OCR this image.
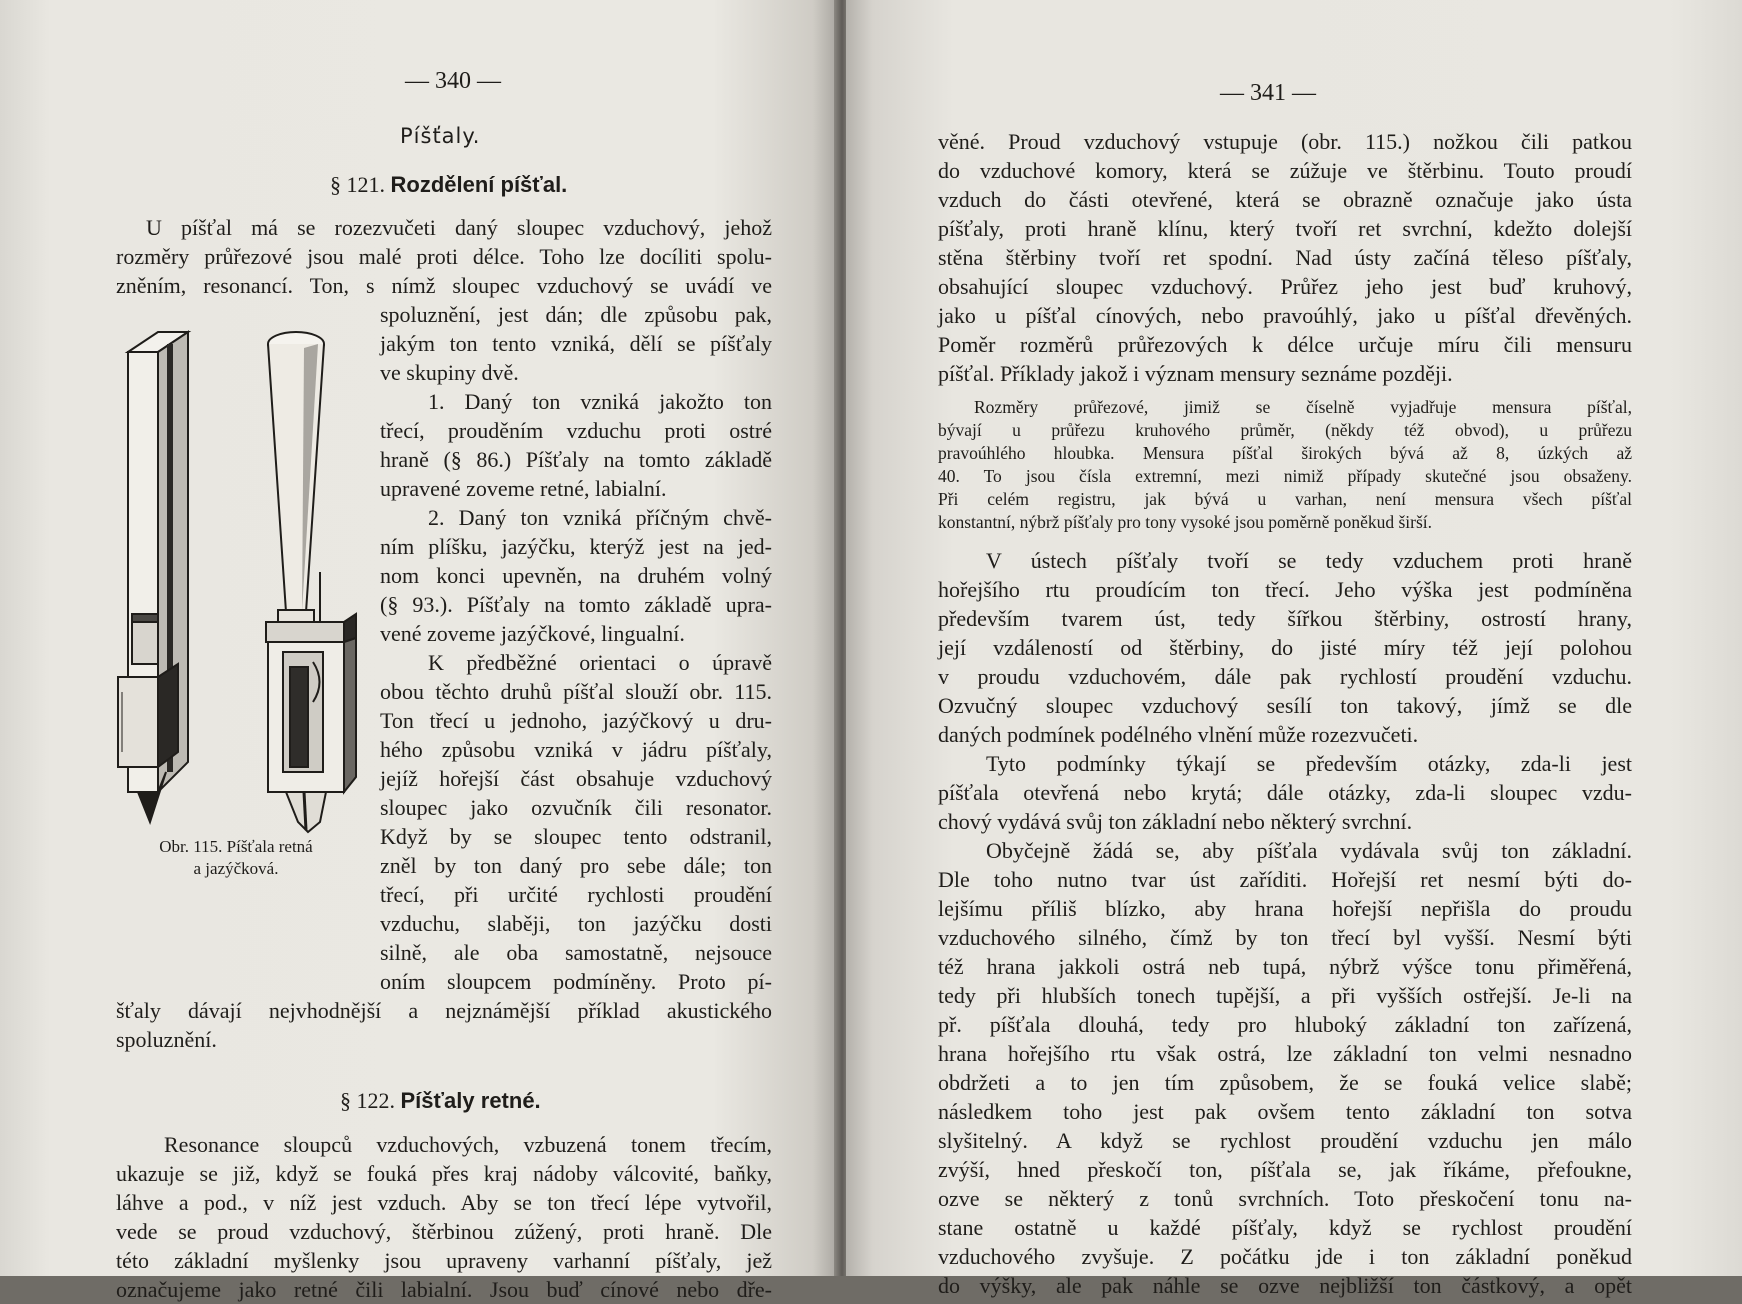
— 340 —
Píšťaly.
§ 121. Rozdělení píšťal.

U píšťal má se rozezvučeti daný sloupec vzduchový, jehož

rozměry průřezové jsou malé proti délce. Toho lze docíliti spolu-

zněním, resonancí. Ton, s nímž sloupec vzduchový se uvádí ve

spoluznění, jest dán; dle způsobu pak,

jakým ton tento vzniká, dělí se píšťaly

ve skupiny dvě.

1. Daný ton vzniká jakožto ton

třecí, prouděním vzduchu proti ostré

hraně (§ 86.) Píšťaly na tomto základě

upravené zoveme retné, labialní.

2. Daný ton vzniká příčným chvě-

ním plíšku, jazýčku, kterýž jest na jed-

nom konci upevněn, na druhém volný

(§ 93.). Píšťaly na tomto základě upra-

vené zoveme jazýčkové, lingualní.

K předběžné orientaci o úpravě

obou těchto druhů píšťal slouží obr. 115.

Ton třecí u jednoho, jazýčkový u dru-

hého způsobu vzniká v jádru píšťaly,

jejíž hořejší část obsahuje vzduchový

sloupec jako ozvučník čili resonator.

Když by se sloupec tento odstranil,

zněl by ton daný pro sebe dále; ton

třecí, při určité rychlosti proudění

vzduchu, slaběji, ton jazýčku dosti

silně, ale oba samostatně, nejsouce

oním sloupcem podmíněny. Proto pí-

šťaly dávají nejvhodnější a nejznámější příklad akustického

spoluznění.

Obr. 115. Píšťala retná
a jazýčková.
§ 122. Píšťaly retné.

Resonance sloupců vzduchových, vzbuzená tonem třecím,

ukazuje se již, když se fouká přes kraj nádoby válcovité, baňky,

láhve a pod., v níž jest vzduch. Aby se ton třecí lépe vytvořil,

vede se proud vzduchový, štěrbinou zúžený, proti hraně. Dle

této základní myšlenky jsou upraveny varhanní píšťaly, jež

označujeme jako retné čili labialní. Jsou buď cínové nebo dře-

— 341 —

věné. Proud vzduchový vstupuje (obr. 115.) nožkou čili patkou

do vzduchové komory, která se zúžuje ve štěrbinu. Touto proudí

vzduch do části otevřené, která se obrazně označuje jako ústa

píšťaly, proti hraně klínu, který tvoří ret svrchní, kdežto dolejší

stěna štěrbiny tvoří ret spodní. Nad ústy začíná těleso píšťaly,

obsahující sloupec vzduchový. Průřez jeho jest buď kruhový,

jako u píšťal cínových, nebo pravoúhlý, jako u píšťal dřevěných.

Poměr rozměrů průřezových k délce určuje míru čili mensuru

píšťal. Příklady jakož i význam mensury seznáme později.

Rozměry průřezové, jimiž se číselně vyjadřuje mensura píšťal,

bývají u průřezu kruhového průměr, (někdy též obvod), u průřezu

pravoúhlého hloubka. Mensura píšťal širokých bývá až 8, úzkých až

40. To jsou čísla extremní, mezi nimiž případy skutečné jsou obsaženy.

Při celém registru, jak bývá u varhan, není mensura všech píšťal

konstantní, nýbrž píšťaly pro tony vysoké jsou poměrně poněkud širší.

V ústech píšťaly tvoří se tedy vzduchem proti hraně

hořejšího rtu proudícím ton třecí. Jeho výška jest podmíněna

především tvarem úst, tedy šířkou štěrbiny, ostrostí hrany,

její vzdáleností od štěrbiny, do jisté míry též její polohou

v proudu vzduchovém, dále pak rychlostí proudění vzduchu.

Ozvučný sloupec vzduchový sesílí ton takový, jímž se dle

daných podmínek podélného vlnění může rozezvučeti.

Tyto podmínky týkají se především otázky, zda-li jest

píšťala otevřená nebo krytá; dále otázky, zda-li sloupec vzdu-

chový vydává svůj ton základní nebo některý svrchní.

Obyčejně žádá se, aby píšťala vydávala svůj ton základní.

Dle toho nutno tvar úst zaříditi. Hořejší ret nesmí býti do-

lejšímu příliš blízko, aby hrana hořejší nepřišla do proudu

vzduchového silného, čímž by ton třecí byl vyšší. Nesmí býti

též hrana jakkoli ostrá neb tupá, nýbrž výšce tonu přiměřená,

tedy při hlubších tonech tupější, a při vyšších ostřejší. Je-li na

př. píšťala dlouhá, tedy pro hluboký základní ton zařízená,

hrana hořejšího rtu však ostrá, lze základní ton velmi nesnadno

obdržeti a to jen tím způsobem, že se fouká velice slabě;

následkem toho jest pak ovšem tento základní ton sotva

slyšitelný. A když se rychlost proudění vzduchu jen málo

zvýší, hned přeskočí ton, píšťala se, jak říkáme, přefoukne,

ozve se některý z tonů svrchních. Toto přeskočení tonu na-

stane ostatně u každé píšťaly, když se rychlost proudění

vzduchového zvyšuje. Z počátku jde i ton základní poněkud

do výšky, ale pak náhle se ozve nejbližší ton částkový, a opět
